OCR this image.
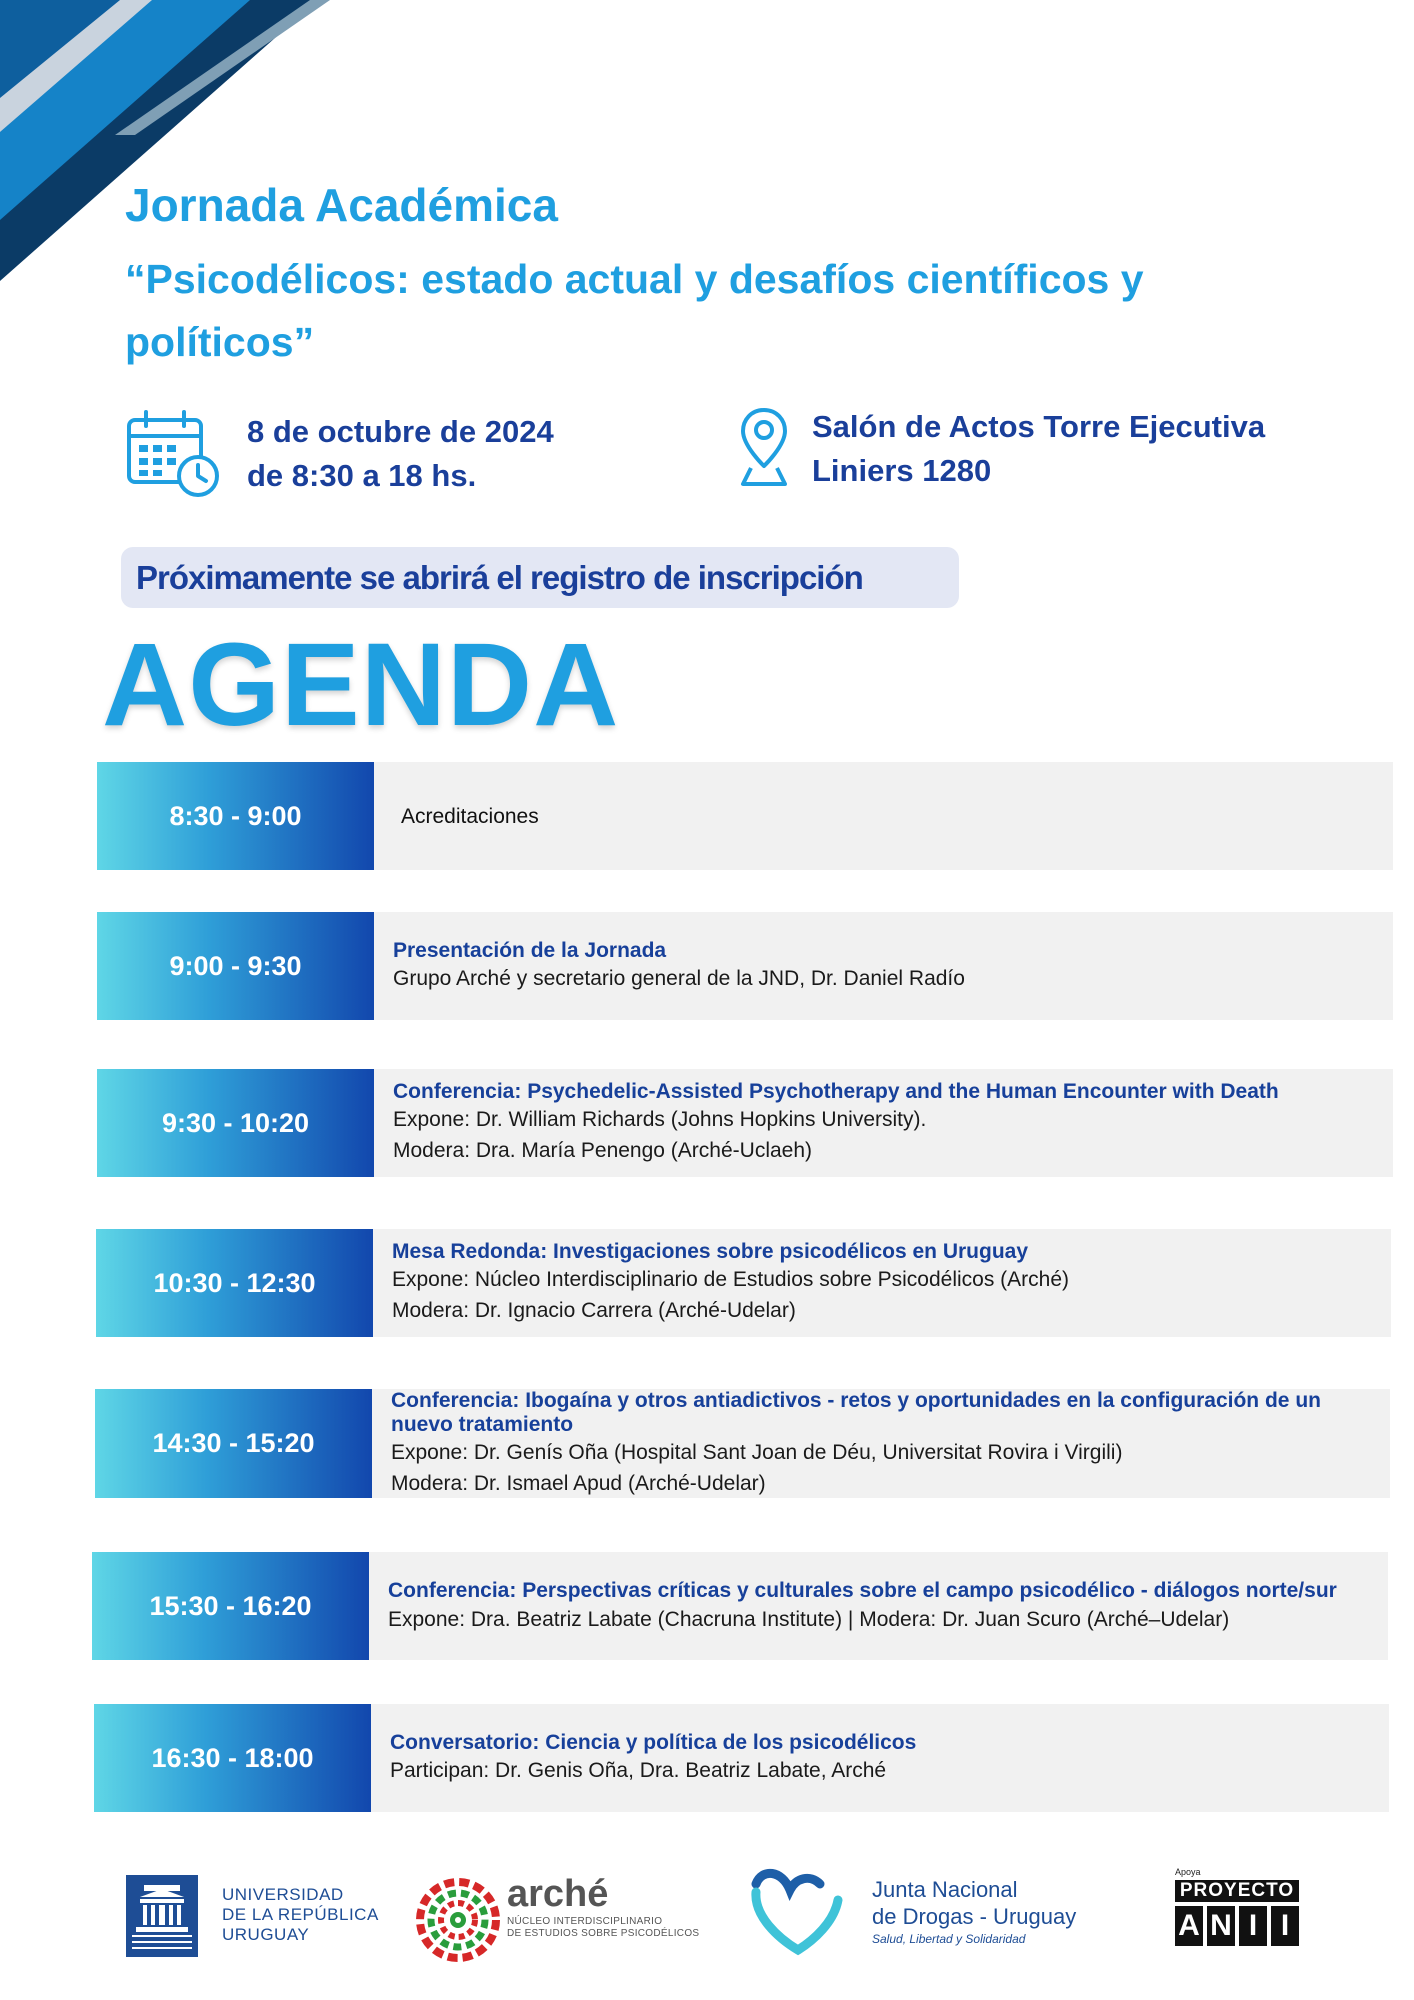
Jornada Académica
“Psicodélicos: estado actual y desafíos científicos y políticos”
8 de octubre de 2024
de 8:30 a 18 hs.
Salón de Actos Torre Ejecutiva
Liniers 1280
Próximamente se abrirá el registro de inscripción
AGENDA
8:30 - 9:00	Acreditaciones
9:00 - 9:30
Presentación de la Jornada
Grupo Arché y secretario general de la JND, Dr. Daniel Radío
9:30 - 10:20
Conferencia: Psychedelic-Assisted Psychotherapy and the Human Encounter with Death
Expone: Dr. William Richards (Johns Hopkins University).
Modera: Dra. María Penengo (Arché-Uclaeh)
10:30 - 12:30
Mesa Redonda: Investigaciones sobre psicodélicos en Uruguay
Expone: Núcleo Interdisciplinario de Estudios sobre Psicodélicos (Arché)
Modera: Dr. Ignacio Carrera (Arché-Udelar)
14:30 - 15:20
Conferencia: Ibogaína y otros antiadictivos - retos y oportunidades en la configuración de un nuevo tratamiento
Expone: Dr. Genís Oña (Hospital Sant Joan de Déu, Universitat Rovira i Virgili)
Modera: Dr. Ismael Apud (Arché-Udelar)
15:30 - 16:20	Conferencia: Perspectivas críticas y culturales sobre el campo psicodélico - diálogos norte/sur
Expone: Dra. Beatriz Labate (Chacruna Institute) | Modera: Dr. Juan Scuro (Arché–Udelar)
16:30 - 18:00
Conversatorio: Ciencia y política de los psicodélicos
Participan: Dr. Genis Oña, Dra. Beatriz Labate, Arché
UNIVERSIDAD
DE LA REPÚBLICA
URUGUAY
arché
NÚCLEO INTERDISCIPLINARIO
DE ESTUDIOS SOBRE PSICODÉLICOS
Junta Nacional
de Drogas - Uruguay
Salud, Libertad y Solidaridad
Apoya
PROYECTO
A N I I
